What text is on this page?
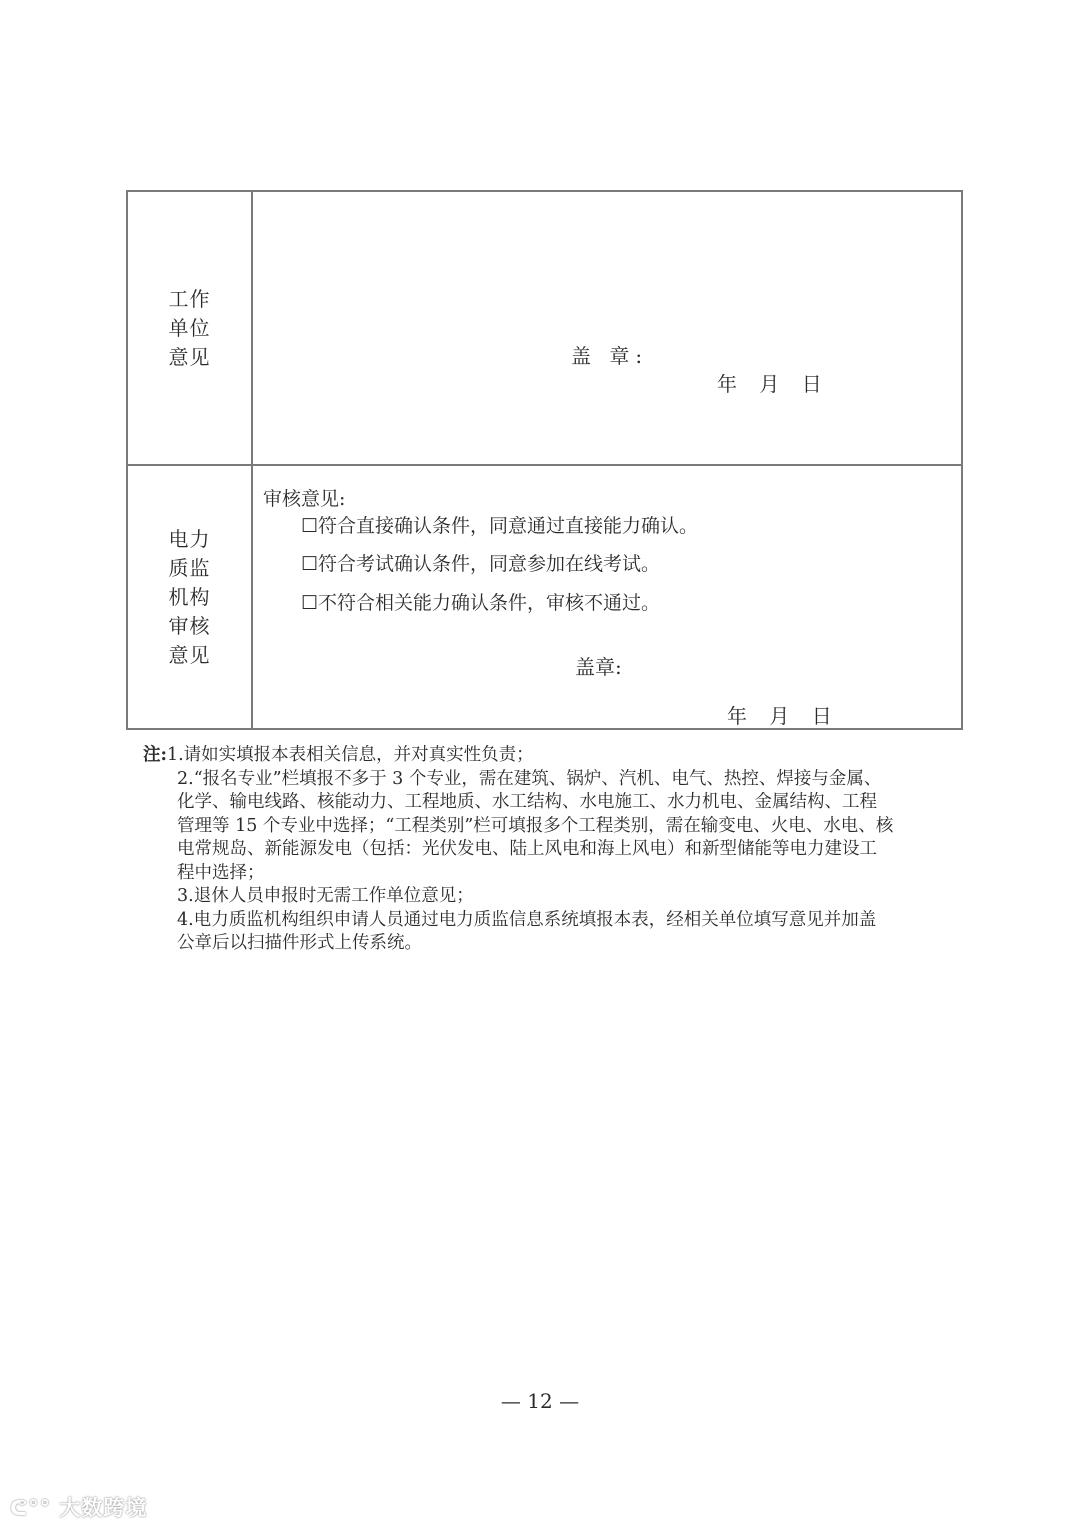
工作单位意见	盖 章:
年 月 日
电力质监机构审核意见
审核意见:
☐符合直接确认条件，同意通过直接能力确认。
☐符合考试确认条件，同意参加在线考试。
☐不符合相关能力确认条件，审核不通过。
盖章:
年 月 日
注:1.请如实填报本表相关信息，并对真实性负责；
2.“报名专业”栏填报不多于 3 个专业，需在建筑、锅炉、汽机、电气、热控、焊接与金属、
化学、输电线路、核能动力、工程地质、水工结构、水电施工、水力机电、金属结构、工程
管理等 15 个专业中选择；“工程类别”栏可填报多个工程类别，需在输变电、火电、水电、核
电常规岛、新能源发电（包括：光伏发电、陆上风电和海上风电）和新型储能等电力建设工
程中选择；
3.退休人员申报时无需工作单位意见；
4.电力质监机构组织申请人员通过电力质监信息系统填报本表，经相关单位填写意见并加盖
公章后以扫描件形式上传系统。
— 12 —
ᕦ°° 大数跨境
